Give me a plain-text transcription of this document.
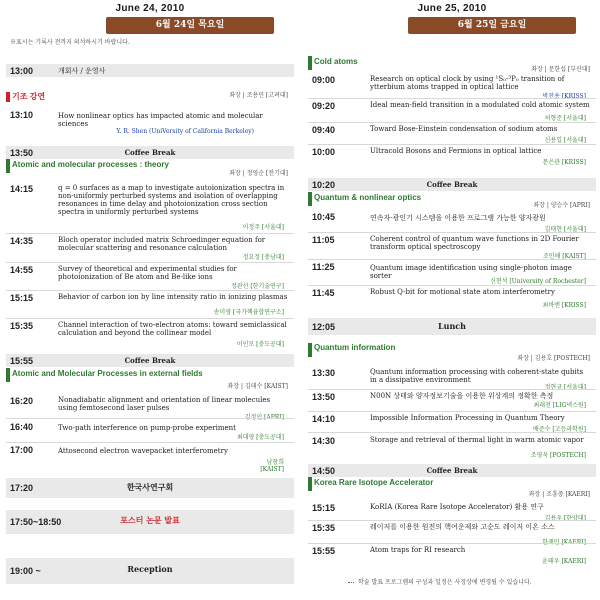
June 24, 2010
6월 24일 목요일
※표시는 기록사 전까지 의석하시기 바랍니다.
13:00	개회사 / 운영사
기조 강연	좌장 | 조용민 [고려대]
13:10	How nonlinear optics has impacted atomic and molecular sciences
Y. R. Shen (UniVersity of California Berkeley)
13:50	Coffee Break
Atomic and molecular processes : theory
좌장 | 정영순 [전기대]
14:15	q = 0 surfaces as a map to investigate autoionization spectra in non-uniformly perturbed systems and isolation of overlapping resonances in time delay and photoionization cross section spectra in uniformly perturbed systems
이정주 [서울대]
14:35	Bloch operator included matrix Schroedinger equation for molecular scattering and resonance calculation
정요정 [충남대]
14:55	Survey of theoretical and experimental studies for photoionization of Be atom and Be-like ions
정관선 [한기술연구]
15:15	Behavior of carbon ion by line intensity ratio in ionizing plasmas
송미영 [국가핵융합연구소]
15:35	Channel interaction of two-electron atoms: toward semiclassical calculation and beyond the collinear model
이인모 [충도공대]
15:55	Coffee Break
Atomic and Molecular Processes in external fields
좌장 | 김태수 [KAIST]
16:20	Nonadiabatic alignment and orientation of linear molecules using femtosecond laser pulses
김정인 [APRI]
16:40	Two-path interference on pump-probe experiment
최대영 [충도공대]
17:00	Attosecond electron wavepacket interferometry
남창희 [KAIST]
17:20	한국사연구회
17:50~18:50	포스터 논문 발표
19:00 ~	Reception
June 25, 2010
6월 25일 금요일
Cold atoms
좌장 | 문한섭 [부산대]
09:00	Research on optical clock by using ¹S₀-³P₀ transition of ytterbium atoms trapped in optical lattice
박찬용 [KRISS]
09:20	Ideal mean-field transition in a modulated cold atomic system
허형준 [서울대]
09:40	Toward Bose-Einstein condensation of sodium atoms
신용일 [서울대]
10:00	Ultracold Bosons and Fermions in optical lattice
문은관 [KRISS]
10:20	Coffee Break
Quantum & nonlinear optics
좌장 | 양승수 [APRI]
10:45	연속자-광인기 시스템을 이용한 프로그램 가능한 양자광원
김태현 [서울대]
11:05	Coherent control of quantum wave functions in 2D Fourier transform optical spectroscopy
조민해 [KAIST]
11:25	Quantum image identification using single-photon image sorter
신현석 [University of Rochester]
11:45	Robust Q-bit for motional state atom interferometry
최바엔 [KRISS]
12:05	Lunch
Quantum information
좌장 | 김용호 [POSTECH]
13:30	Quantum information processing with coherent-state qubits in a dissipative environment
정현규 [서울대]
13:50	N00N 상태와 양자정보기술을 이용한 위상계의 정확한 측정
최래천 [LIG넥스원]
14:10	Impossible Information Processing in Quantum Theory
배준수 [고등과학원]
14:30	Storage and retrieval of thermal light in warm atomic vapor
조영욱 [POSTECH]
14:50	Coffee Break
Korea Rare Isotope Accelerator
좌장 | 조흥중 [KAERI]
15:15	KoRIA (Korea Rare Isotope Accelerator) 활용 연구
김용우 [한양대]
15:35	레이저를 이용한 원전의 핵여운제와 고순도 레이저 이온 소스
한재민 [KAERI]
15:55	Atom traps for RI research
윤태우 [KAERI]
학술 발표 프로그램의 구성과 일정은 사정상에 변경될 수 있습니다.
